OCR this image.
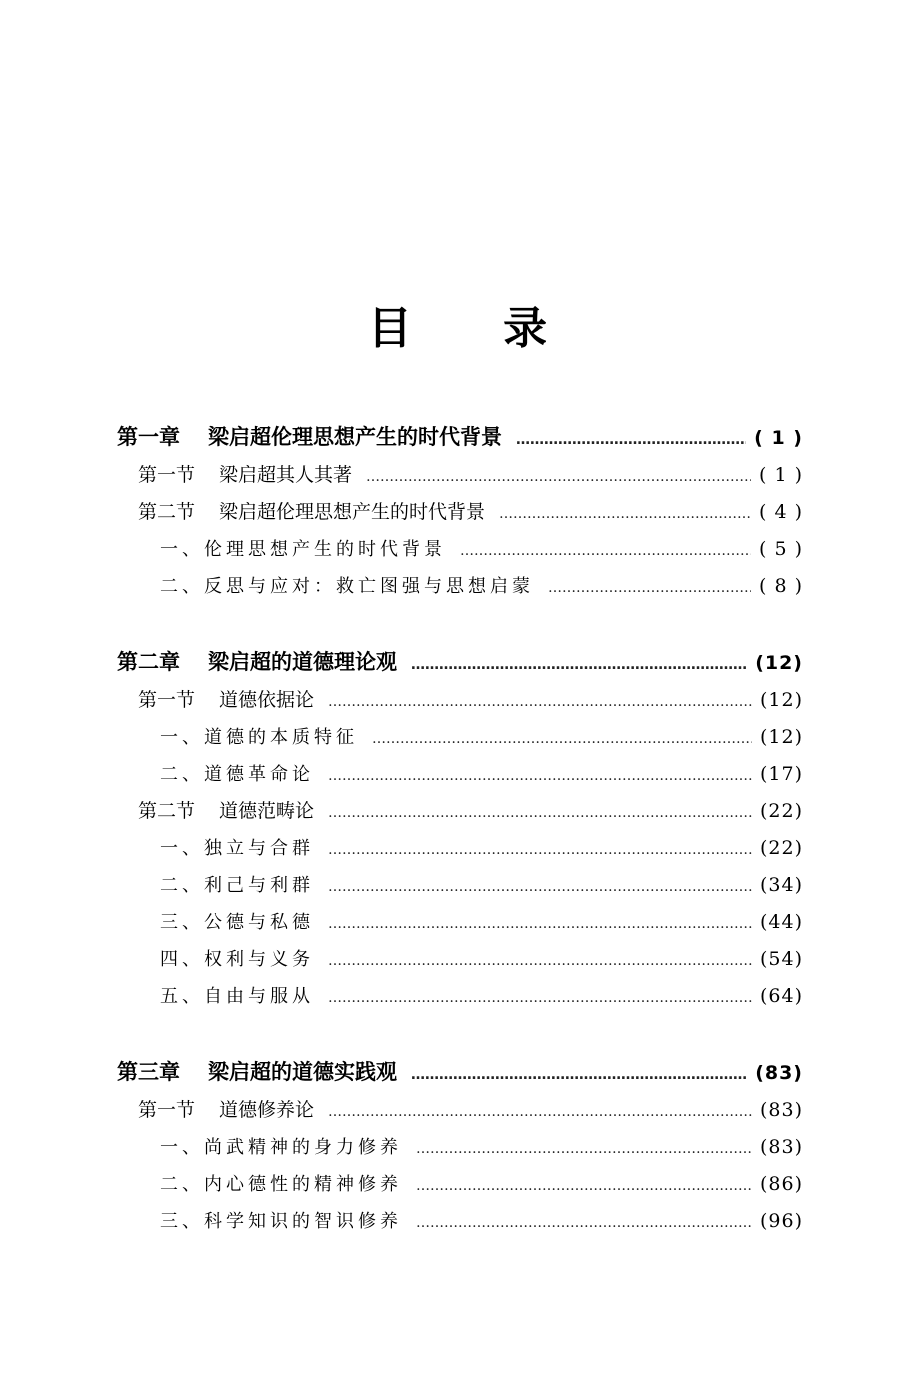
目 录
第一章 梁启超伦理思想产生的时代背景 ……………………………………………………………………………………………………………………………………………………………………	( 1 )
第一节 梁启超其人其著 ……………………………………………………………………………………………………………………………………………………………………	( 1 )
第二节 梁启超伦理思想产生的时代背景 ……………………………………………………………………………………………………………………………………………………………………	( 4 )
一、伦理思想产生的时代背景 ……………………………………………………………………………………………………………………………………………………………………	( 5 )
二、反思与应对：救亡图强与思想启蒙 ……………………………………………………………………………………………………………………………………………………………………	( 8 )
第二章 梁启超的道德理论观 ……………………………………………………………………………………………………………………………………………………………………	(12)
第一节 道德依据论 ……………………………………………………………………………………………………………………………………………………………………	(12)
一、道德的本质特征 ……………………………………………………………………………………………………………………………………………………………………	(12)
二、道德革命论 ……………………………………………………………………………………………………………………………………………………………………	(17)
第二节 道德范畴论 ……………………………………………………………………………………………………………………………………………………………………	(22)
一、独立与合群 ……………………………………………………………………………………………………………………………………………………………………	(22)
二、利己与利群 ……………………………………………………………………………………………………………………………………………………………………	(34)
三、公德与私德 ……………………………………………………………………………………………………………………………………………………………………	(44)
四、权利与义务 ……………………………………………………………………………………………………………………………………………………………………	(54)
五、自由与服从 ……………………………………………………………………………………………………………………………………………………………………	(64)
第三章 梁启超的道德实践观 ……………………………………………………………………………………………………………………………………………………………………	(83)
第一节 道德修养论 ……………………………………………………………………………………………………………………………………………………………………	(83)
一、尚武精神的身力修养 ……………………………………………………………………………………………………………………………………………………………………	(83)
二、内心德性的精神修养 ……………………………………………………………………………………………………………………………………………………………………	(86)
三、科学知识的智识修养 ……………………………………………………………………………………………………………………………………………………………………	(96)
